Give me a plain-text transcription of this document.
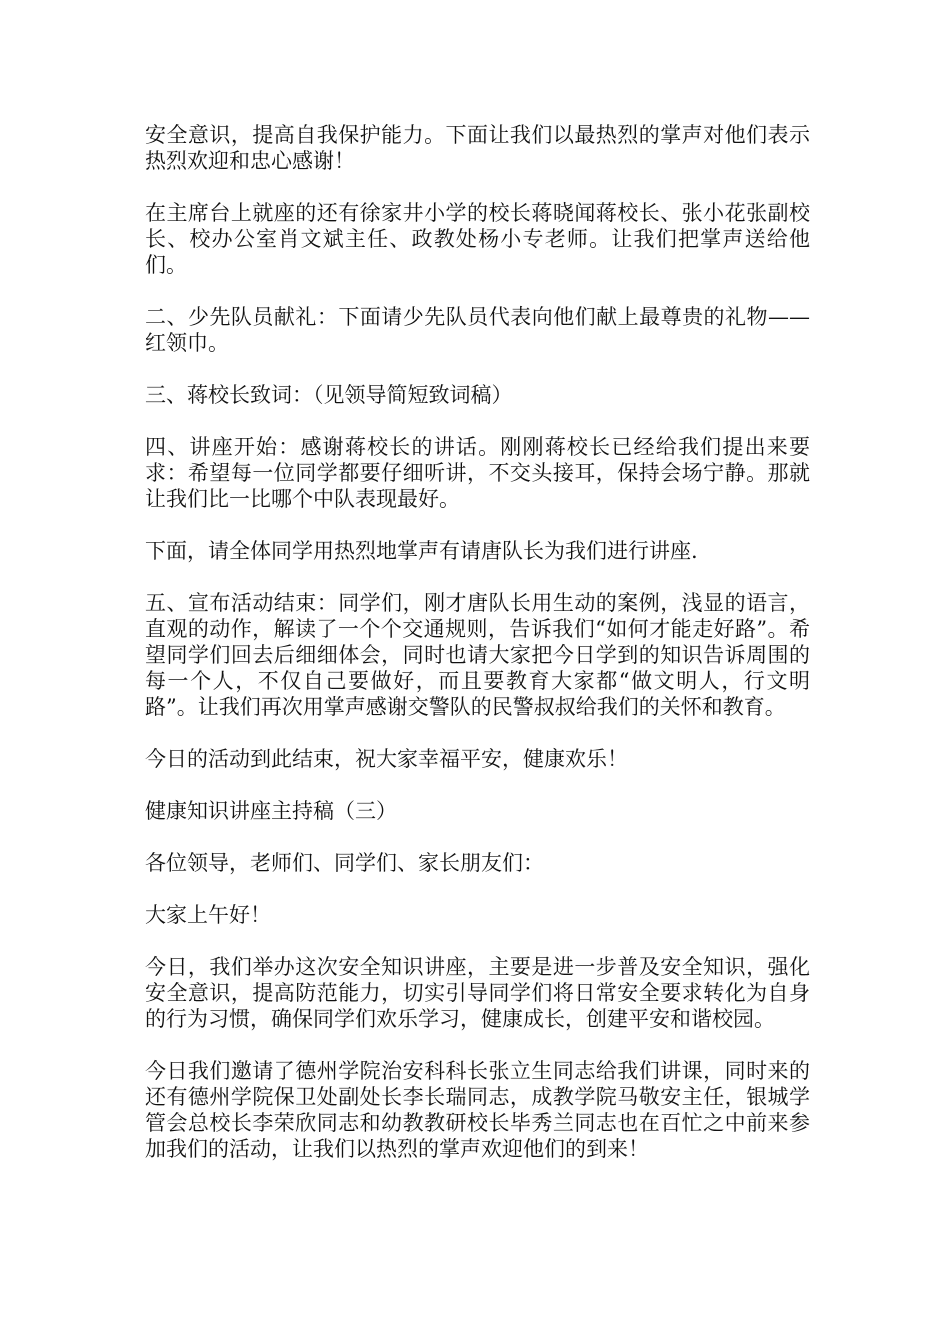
安全意识，提高自我保护能力。下面让我们以最热烈的掌声对他们表示热烈欢迎和忠心感谢！

在主席台上就座的还有徐家井小学的校长蒋晓闻蒋校长、张小花张副校长、校办公室肖文斌主任、政教处杨小专老师。让我们把掌声送给他们。

二、少先队员献礼：下面请少先队员代表向他们献上最尊贵的礼物——红领巾。

三、蒋校长致词：（见领导简短致词稿）

四、讲座开始：感谢蒋校长的讲话。刚刚蒋校长已经给我们提出来要求：希望每一位同学都要仔细听讲，不交头接耳，保持会场宁静。那就让我们比一比哪个中队表现最好。

下面，请全体同学用热烈地掌声有请唐队长为我们进行讲座.

五、宣布活动结束：同学们，刚才唐队长用生动的案例，浅显的语言，直观的动作，解读了一个个交通规则，告诉我们“如何才能走好路”。希望同学们回去后细细体会，同时也请大家把今日学到的知识告诉周围的每一个人，不仅自己要做好，而且要教育大家都“做文明人，行文明路”。让我们再次用掌声感谢交警队的民警叔叔给我们的关怀和教育。

今日的活动到此结束，祝大家幸福平安，健康欢乐！

健康知识讲座主持稿（三）

各位领导，老师们、同学们、家长朋友们：

大家上午好！

今日，我们举办这次安全知识讲座，主要是进一步普及安全知识，强化安全意识，提高防范能力，切实引导同学们将日常安全要求转化为自身的行为习惯，确保同学们欢乐学习，健康成长，创建平安和谐校园。

今日我们邀请了德州学院治安科科长张立生同志给我们讲课，同时来的还有德州学院保卫处副处长李长瑞同志，成教学院马敬安主任，银城学管会总校长李荣欣同志和幼教教研校长毕秀兰同志也在百忙之中前来参加我们的活动，让我们以热烈的掌声欢迎他们的到来！
